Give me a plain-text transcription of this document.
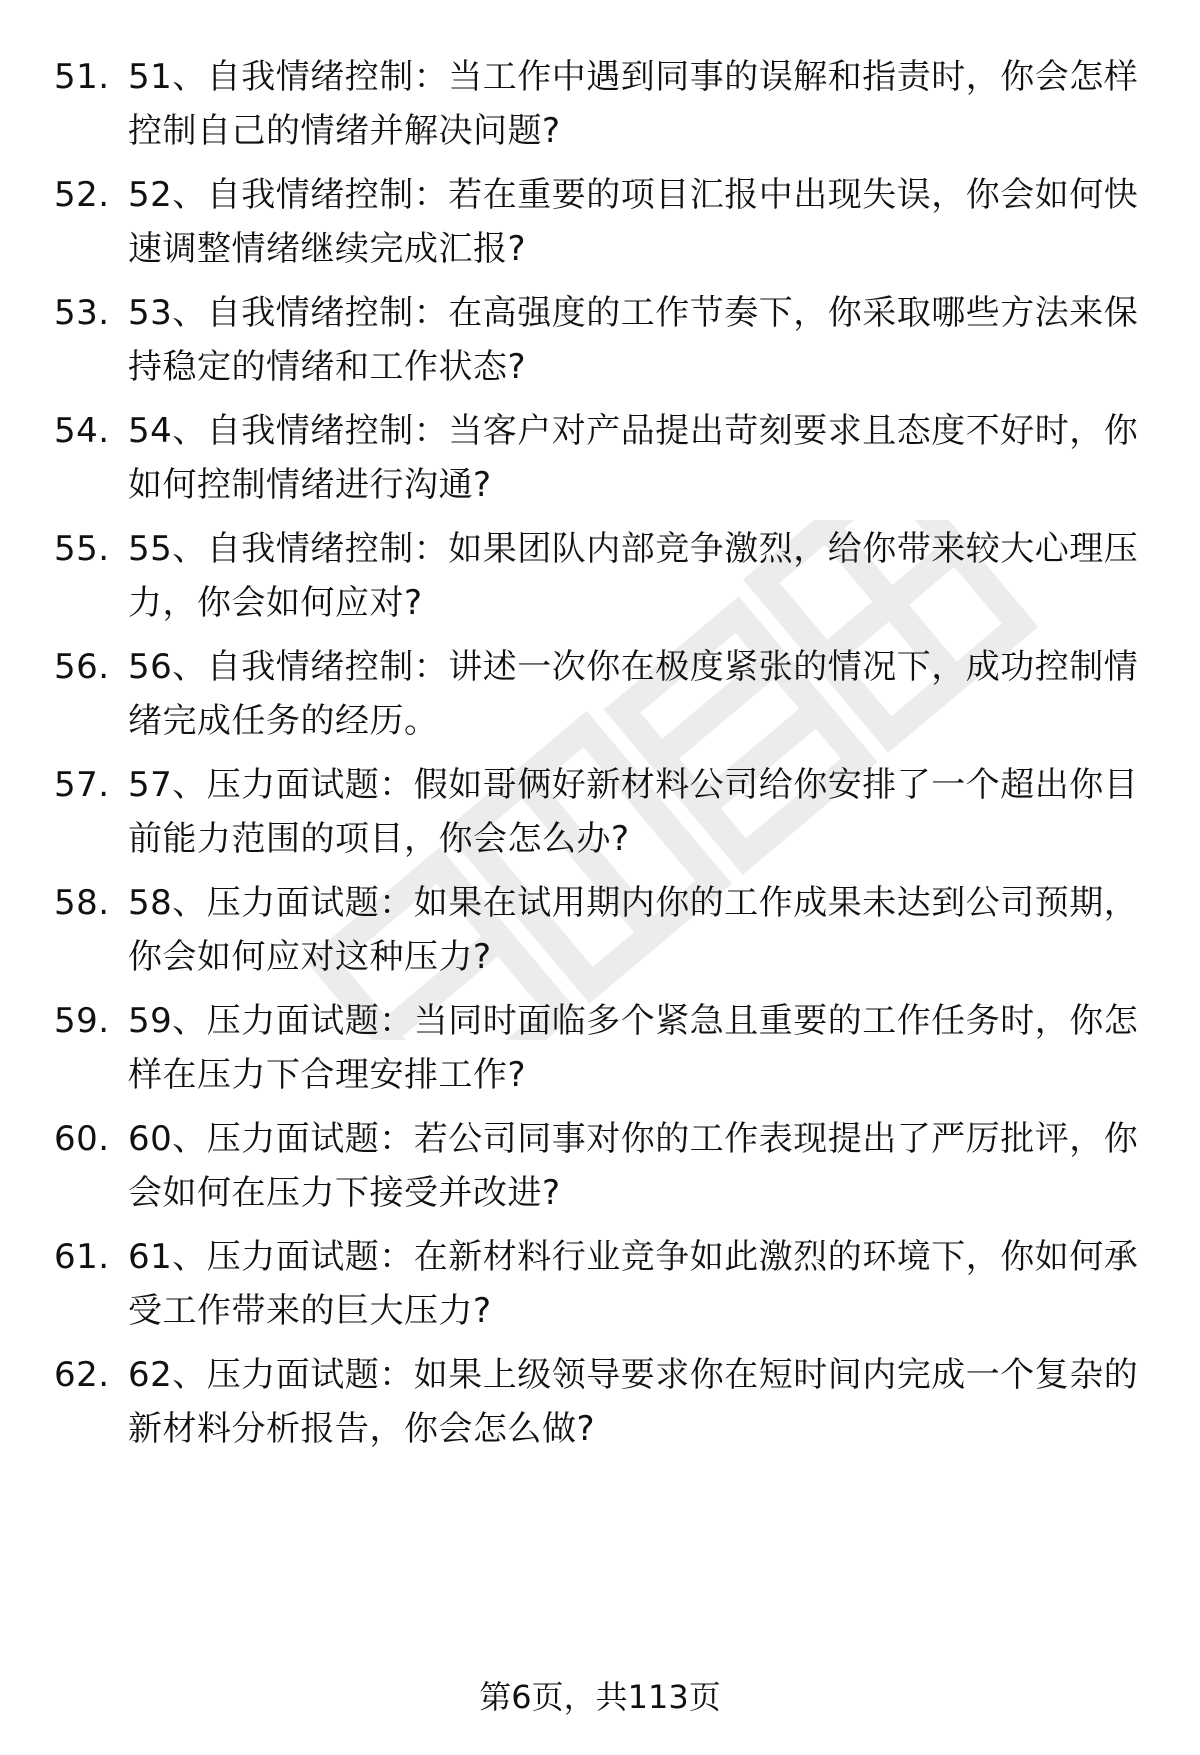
51. 51、自我情绪控制：当工作中遇到同事的误解和指责时，你会怎样控制自己的情绪并解决问题?
52. 52、自我情绪控制：若在重要的项目汇报中出现失误，你会如何快速调整情绪继续完成汇报?
53. 53、自我情绪控制：在高强度的工作节奏下，你采取哪些方法来保持稳定的情绪和工作状态?
54. 54、自我情绪控制：当客户对产品提出苛刻要求且态度不好时，你如何控制情绪进行沟通?
55. 55、自我情绪控制：如果团队内部竞争激烈，给你带来较大心理压力，你会如何应对?
56. 56、自我情绪控制：讲述一次你在极度紧张的情况下，成功控制情绪完成任务的经历。
57. 57、压力面试题：假如哥俩好新材料公司给你安排了一个超出你目前能力范围的项目，你会怎么办?
58. 58、压力面试题：如果在试用期内你的工作成果未达到公司预期，你会如何应对这种压力?
59. 59、压力面试题：当同时面临多个紧急且重要的工作任务时，你怎样在压力下合理安排工作?
60. 60、压力面试题：若公司同事对你的工作表现提出了严厉批评，你会如何在压力下接受并改进?
61. 61、压力面试题：在新材料行业竞争如此激烈的环境下，你如何承受工作带来的巨大压力?
62. 62、压力面试题：如果上级领导要求你在短时间内完成一个复杂的新材料分析报告，你会怎么做?
第6页，共113页
